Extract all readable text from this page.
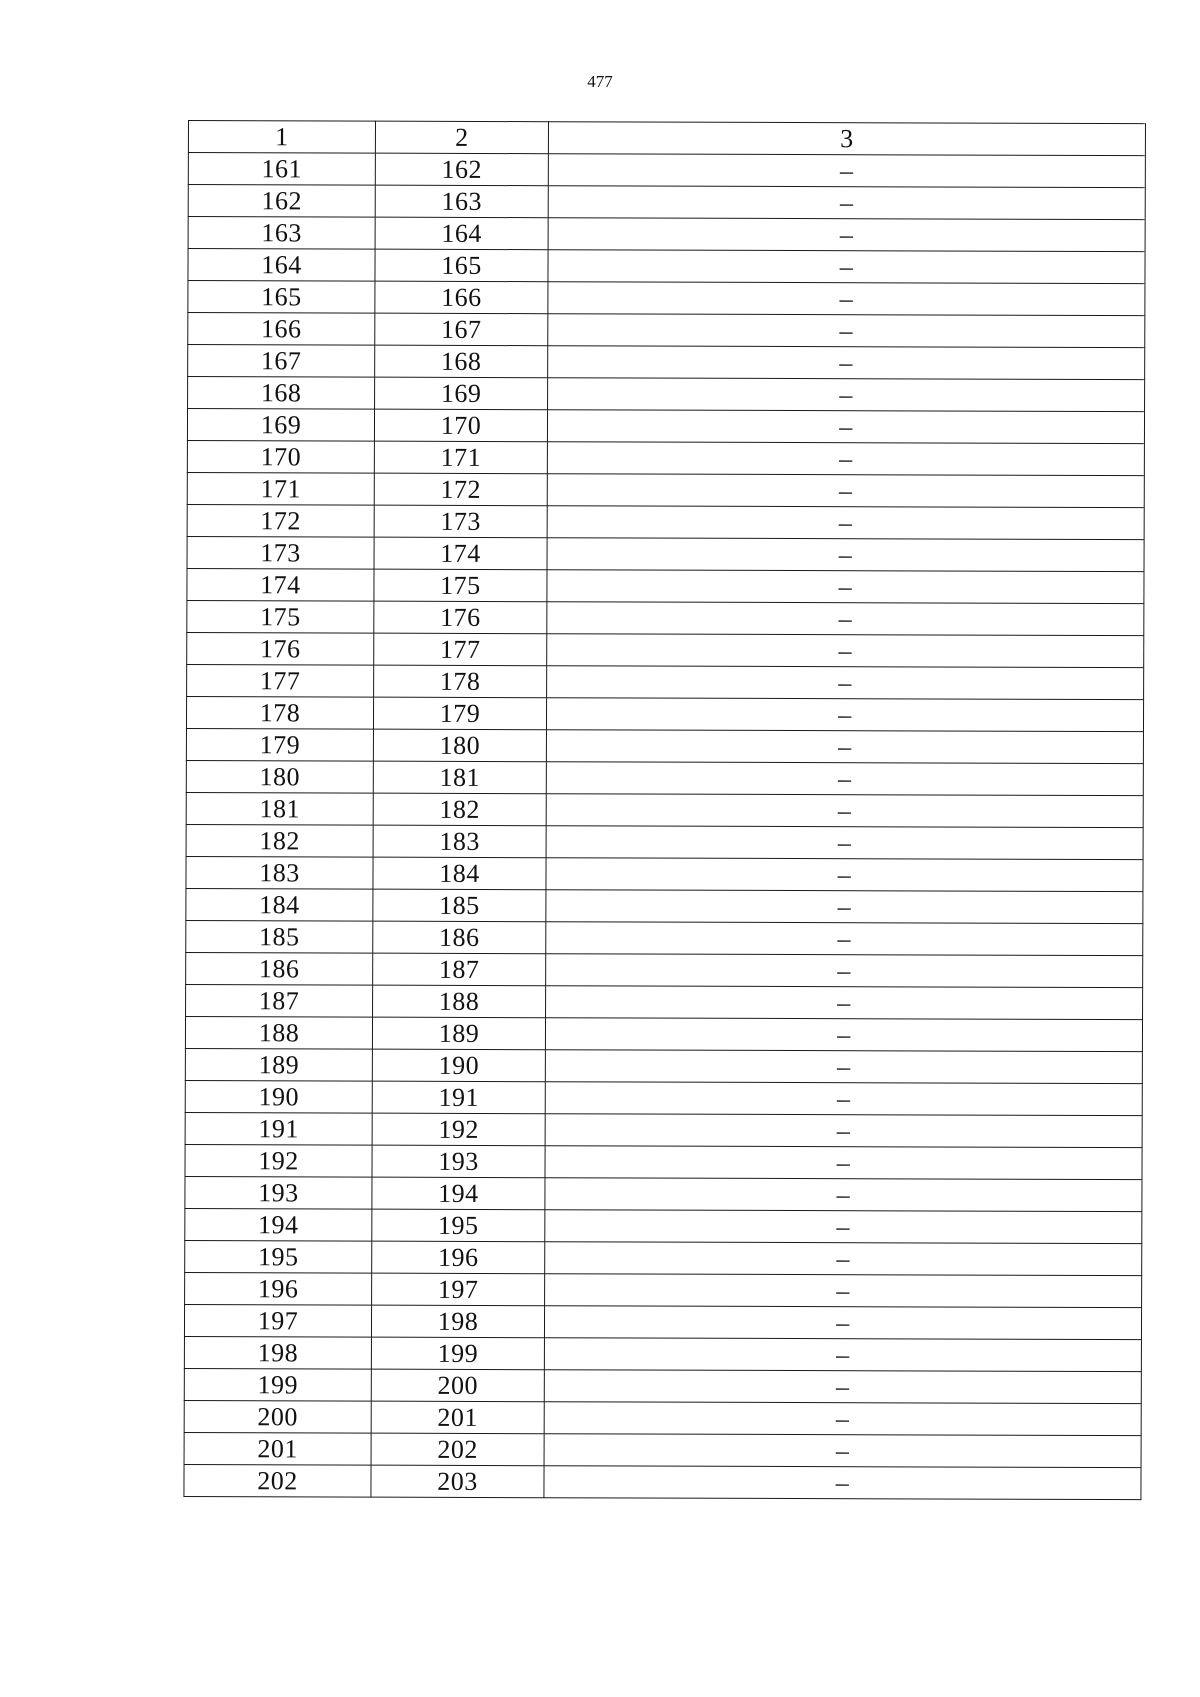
477
1	2	3
161	162	–
162	163	–
163	164	–
164	165	–
165	166	–
166	167	–
167	168	–
168	169	–
169	170	–
170	171	–
171	172	–
172	173	–
173	174	–
174	175	–
175	176	–
176	177	–
177	178	–
178	179	–
179	180	–
180	181	–
181	182	–
182	183	–
183	184	–
184	185	–
185	186	–
186	187	–
187	188	–
188	189	–
189	190	–
190	191	–
191	192	–
192	193	–
193	194	–
194	195	–
195	196	–
196	197	–
197	198	–
198	199	–
199	200	–
200	201	–
201	202	–
202	203	–
